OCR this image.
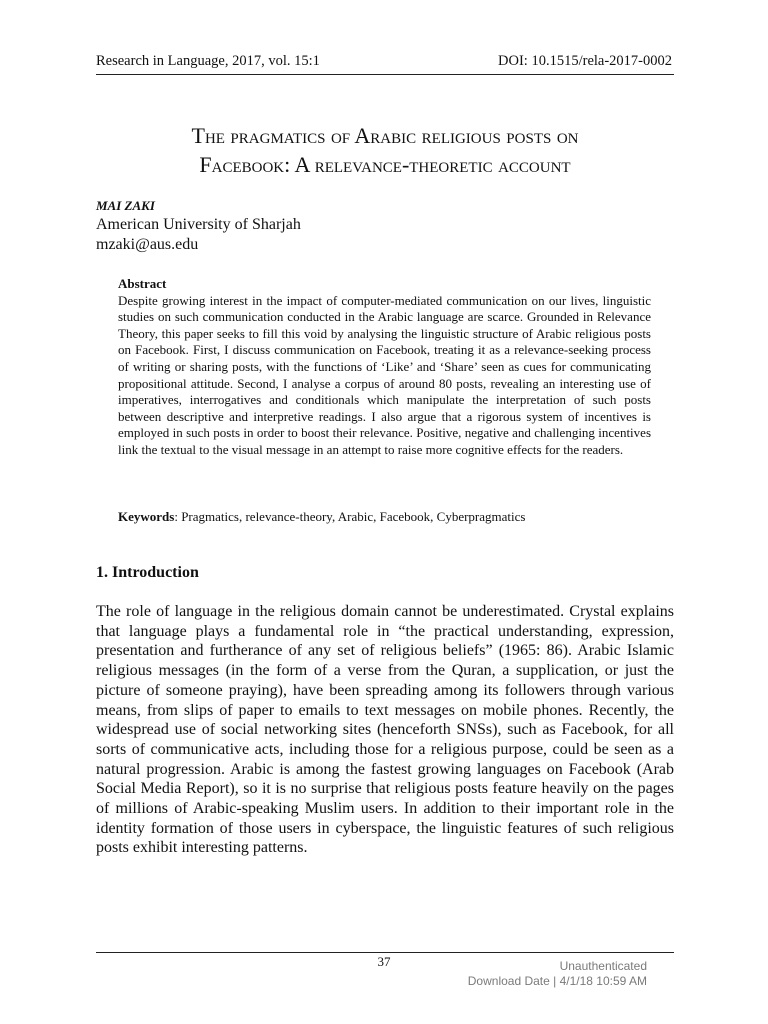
Research in Language, 2017, vol. 15:1	DOI: 10.1515/rela-2017-0002
The pragmatics of Arabic religious posts on
Facebook: A relevance-theoretic account
MAI ZAKI
American University of Sharjah
mzaki@aus.edu
Abstract

Despite growing interest in the impact of computer-mediated communication on our lives, linguistic studies on such communication conducted in the Arabic language are scarce. Grounded in Relevance Theory, this paper seeks to fill this void by analysing the linguistic structure of Arabic religious posts on Facebook. First, I discuss communication on Facebook, treating it as a relevance-seeking process of writing or sharing posts, with the functions of ‘Like’ and ‘Share’ seen as cues for communicating propositional attitude. Second, I analyse a corpus of around 80 posts, revealing an interesting use of imperatives, interrogatives and conditionals which manipulate the interpretation of such posts between descriptive and interpretive readings. I also argue that a rigorous system of incentives is employed in such posts in order to boost their relevance. Positive, negative and challenging incentives link the textual to the visual message in an attempt to raise more cognitive effects for the readers.

Keywords: Pragmatics, relevance-theory, Arabic, Facebook, Cyberpragmatics
1. Introduction

The role of language in the religious domain cannot be underestimated. Crystal explains that language plays a fundamental role in “the practical understanding, expression, presentation and furtherance of any set of religious beliefs” (1965: 86). Arabic Islamic religious messages (in the form of a verse from the Quran, a supplication, or just the picture of someone praying), have been spreading among its followers through various means, from slips of paper to emails to text messages on mobile phones. Recently, the widespread use of social networking sites (henceforth SNSs), such as Facebook, for all sorts of communicative acts, including those for a religious purpose, could be seen as a natural progression. Arabic is among the fastest growing languages on Facebook (Arab Social Media Report), so it is no surprise that religious posts feature heavily on the pages of millions of Arabic-speaking Muslim users. In addition to their important role in the identity formation of those users in cyberspace, the linguistic features of such religious posts exhibit interesting patterns.

37	Unauthenticated
Download Date | 4/1/18 10:59 AM
